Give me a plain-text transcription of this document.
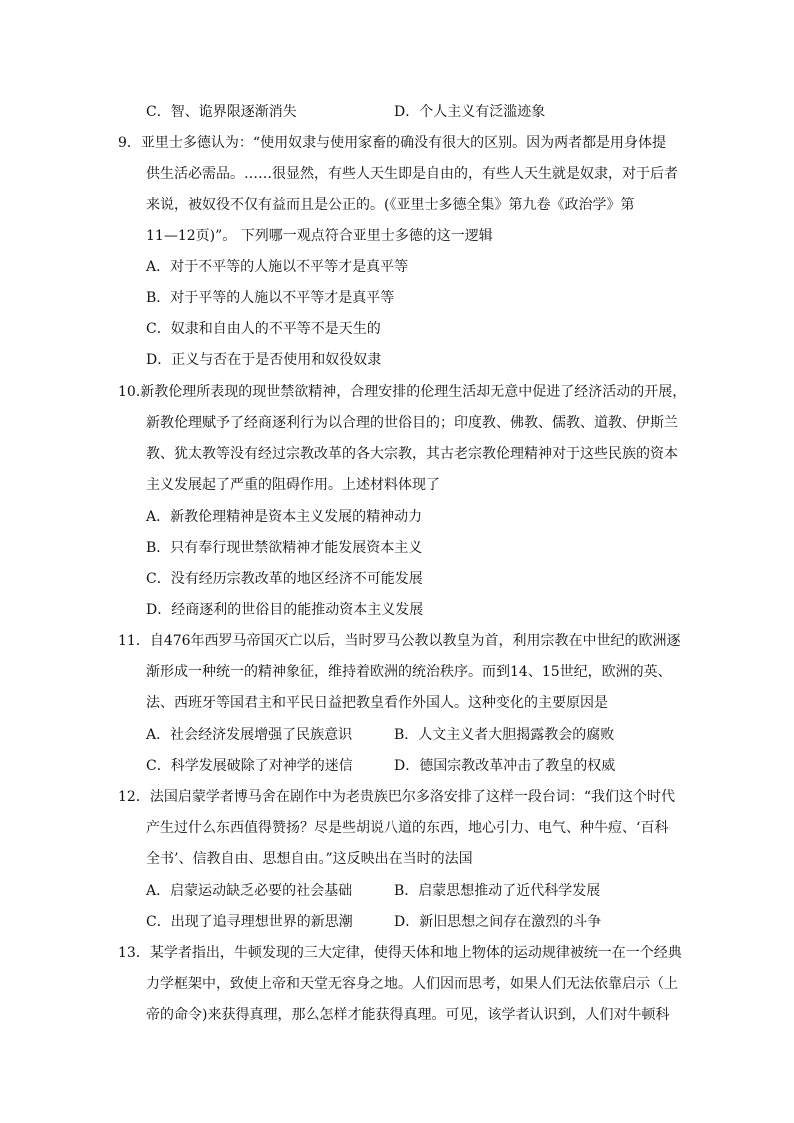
C．智、诡界限逐渐消失	D．个人主义有泛滥迹象
9．亚里士多德认为：“使用奴隶与使用家畜的确没有很大的区别。因为两者都是用身体提
供生活必需品。……很显然，有些人天生即是自由的，有些人天生就是奴隶，对于后者
来说，被奴役不仅有益而且是公正的。(《亚里士多德全集》第九卷《政治学》第
11—12页)”。 下列哪一观点符合亚里士多德的这一逻辑
A．对于不平等的人施以不平等才是真平等
B．对于平等的人施以不平等才是真平等
C．奴隶和自由人的不平等不是天生的
D．正义与否在于是否使用和奴役奴隶
10.新教伦理所表现的现世禁欲精神，合理安排的伦理生活却无意中促进了经济活动的开展，
新教伦理赋予了经商逐利行为以合理的世俗目的；印度教、佛教、儒教、道教、伊斯兰
教、犹太教等没有经过宗教改革的各大宗教，其古老宗教伦理精神对于这些民族的资本
主义发展起了严重的阻碍作用。上述材料体现了
A．新教伦理精神是资本主义发展的精神动力
B．只有奉行现世禁欲精神才能发展资本主义
C．没有经历宗教改革的地区经济不可能发展
D．经商逐利的世俗目的能推动资本主义发展
11．自476年西罗马帝国灭亡以后，当时罗马公教以教皇为首，利用宗教在中世纪的欧洲逐
渐形成一种统一的精神象征，维持着欧洲的统治秩序。而到14、15世纪，欧洲的英、
法、西班牙等国君主和平民日益把教皇看作外国人。这种变化的主要原因是
A．社会经济发展增强了民族意识	B．人文主义者大胆揭露教会的腐败
C．科学发展破除了对神学的迷信	D．德国宗教改革冲击了教皇的权威
12．法国启蒙学者博马舍在剧作中为老贵族巴尔多洛安排了这样一段台词：“我们这个时代
产生过什么东西值得赞扬？尽是些胡说八道的东西，地心引力、电气、种牛痘、‘百科
全书’、信教自由、思想自由。”这反映出在当时的法国
A．启蒙运动缺乏必要的社会基础	B．启蒙思想推动了近代科学发展
C．出现了追寻理想世界的新思潮	D．新旧思想之间存在激烈的斗争
13．某学者指出，牛顿发现的三大定律，使得天体和地上物体的运动规律被统一在一个经典
力学框架中，致使上帝和天堂无容身之地。人们因而思考，如果人们无法依靠启示（上
帝的命令)来获得真理，那么怎样才能获得真理。可见，该学者认识到，人们对牛顿科
